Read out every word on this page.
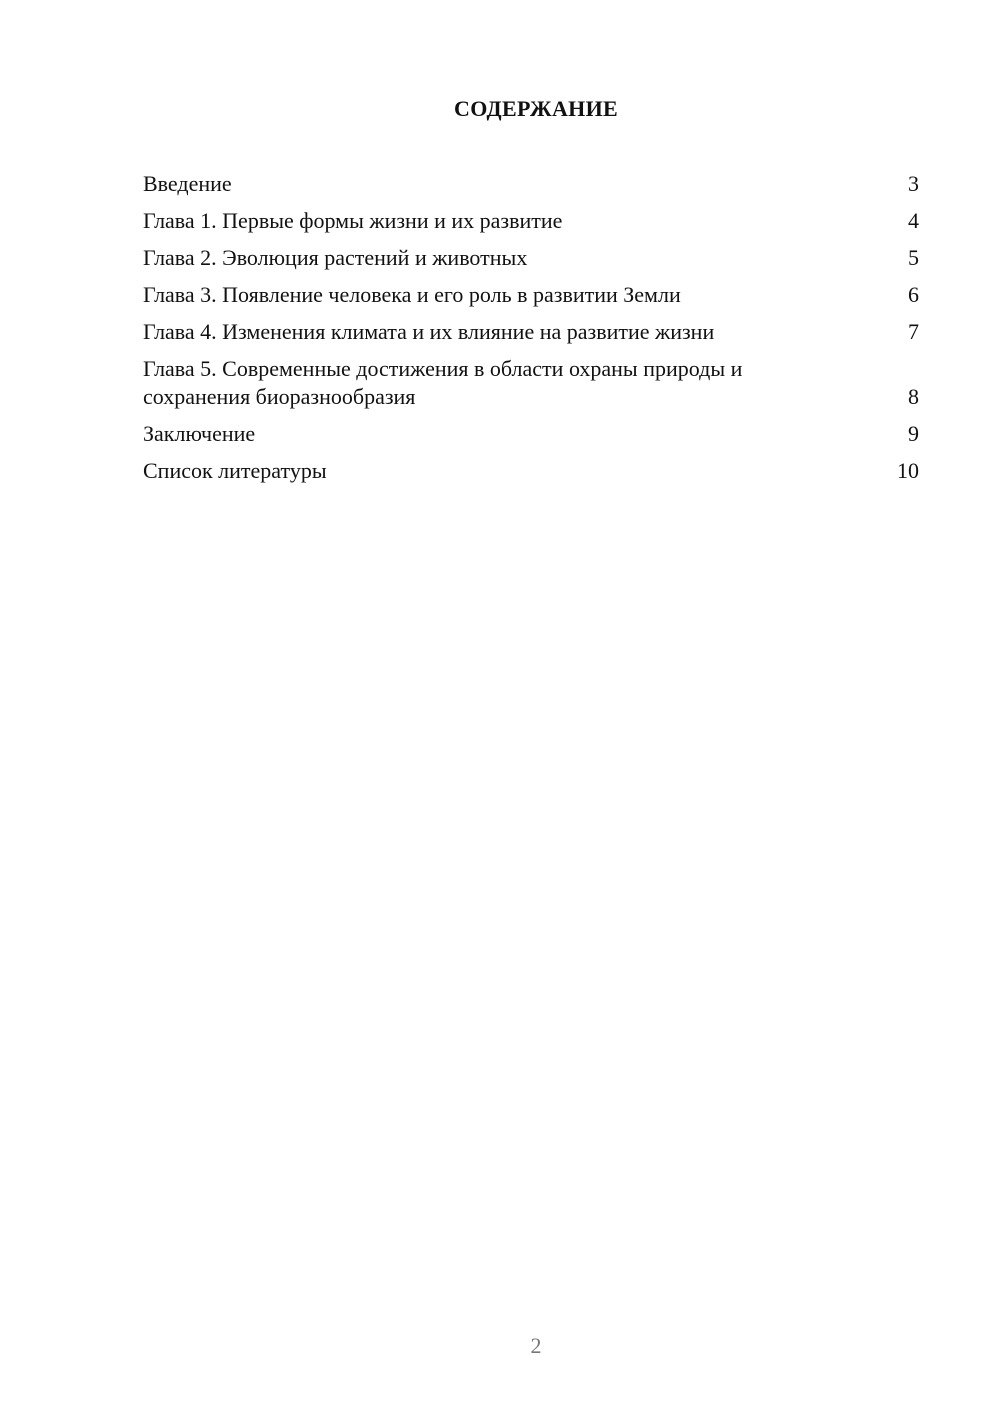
СОДЕРЖАНИЕ
Введение	3
Глава 1. Первые формы жизни и их развитие	4
Глава 2. Эволюция растений и животных	5
Глава 3. Появление человека и его роль в развитии Земли	6
Глава 4. Изменения климата и их влияние на развитие жизни	7
Глава 5. Современные достижения в области охраны природы и сохранения биоразнообразия	8
Заключение	9
Список литературы	10
2
